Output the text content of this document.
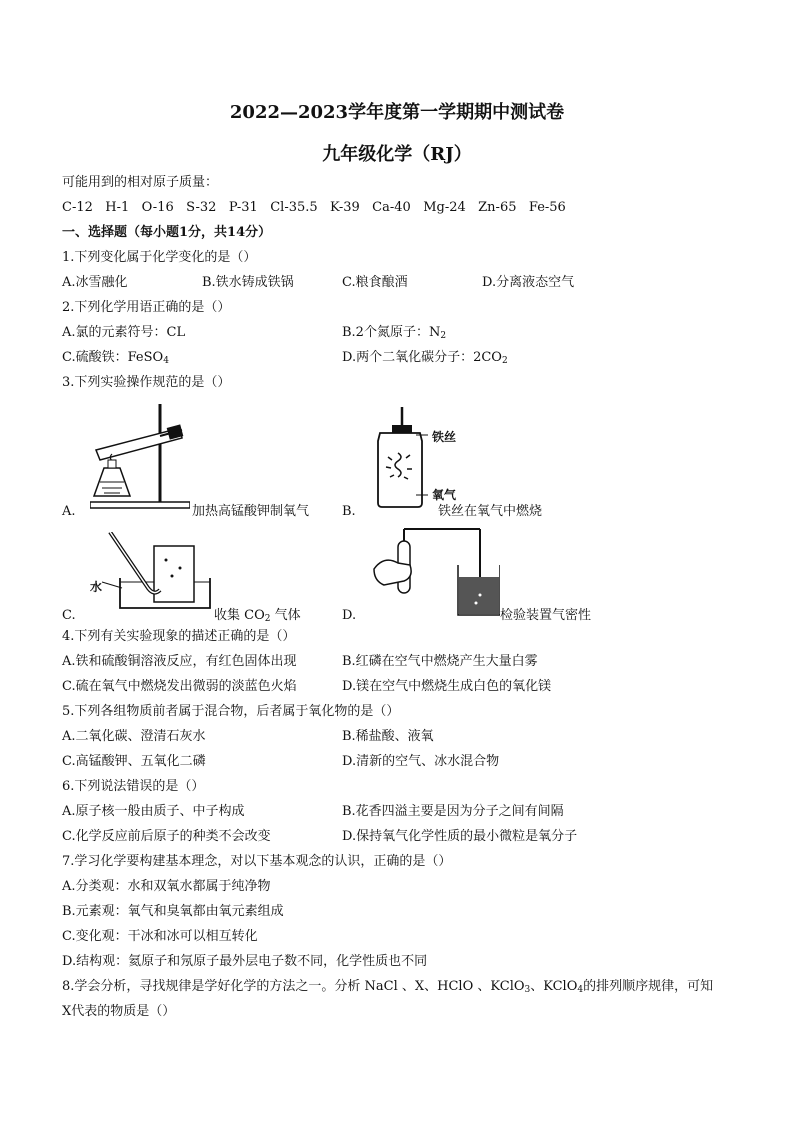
2022—2023学年度第一学期期中测试卷
九年级化学（RJ）
可能用到的相对原子质量：
C-12   H-1   O-16   S-32   P-31   Cl-35.5   K-39   Ca-40   Mg-24   Zn-65   Fe-56
一、选择题（每小题1分，共14分）
1.下列变化属于化学变化的是（）
A.冰雪融化	B.铁水铸成铁锅	C.粮食酿酒	D.分离液态空气
2.下列化学用语正确的是（）
A.氯的元素符号：CL	B.2个氮原子：$N_2$
C.硫酸铁：FeSO$_4$	D.两个二氧化碳分子：$2CO_2$
3.下列实验操作规范的是（）
A.	加热高锰酸钾制氧气
铁丝
氧气
B.	铁丝在氧气中燃烧
水
C.	收集 $CO_2$ 气体	D.	检验装置气密性
4.下列有关实验现象的描述正确的是（）
A.铁和硫酸铜溶液反应，有红色固体出现	B.红磷在空气中燃烧产生大量白雾
C.硫在氧气中燃烧发出微弱的淡蓝色火焰	D.镁在空气中燃烧生成白色的氧化镁
5.下列各组物质前者属于混合物，后者属于氧化物的是（）
A.二氧化碳、澄清石灰水	B.稀盐酸、液氧
C.高锰酸钾、五氧化二磷	D.清新的空气、冰水混合物
6.下列说法错误的是（）
A.原子核一般由质子、中子构成	B.花香四溢主要是因为分子之间有间隔
C.化学反应前后原子的种类不会改变	D.保持氧气化学性质的最小微粒是氧分子
7.学习化学要构建基本理念，对以下基本观念的认识，正确的是（）
A.分类观：水和双氧水都属于纯净物
B.元素观：氧气和臭氧都由氧元素组成
C.变化观：干冰和冰可以相互转化
D.结构观：氦原子和氖原子最外层电子数不同，化学性质也不同
8.学会分析，寻找规律是学好化学的方法之一。分析 NaCl 、X、HClO 、KClO$_3$、KClO$_4$的排列顺序规律，可知
X代表的物质是（）
